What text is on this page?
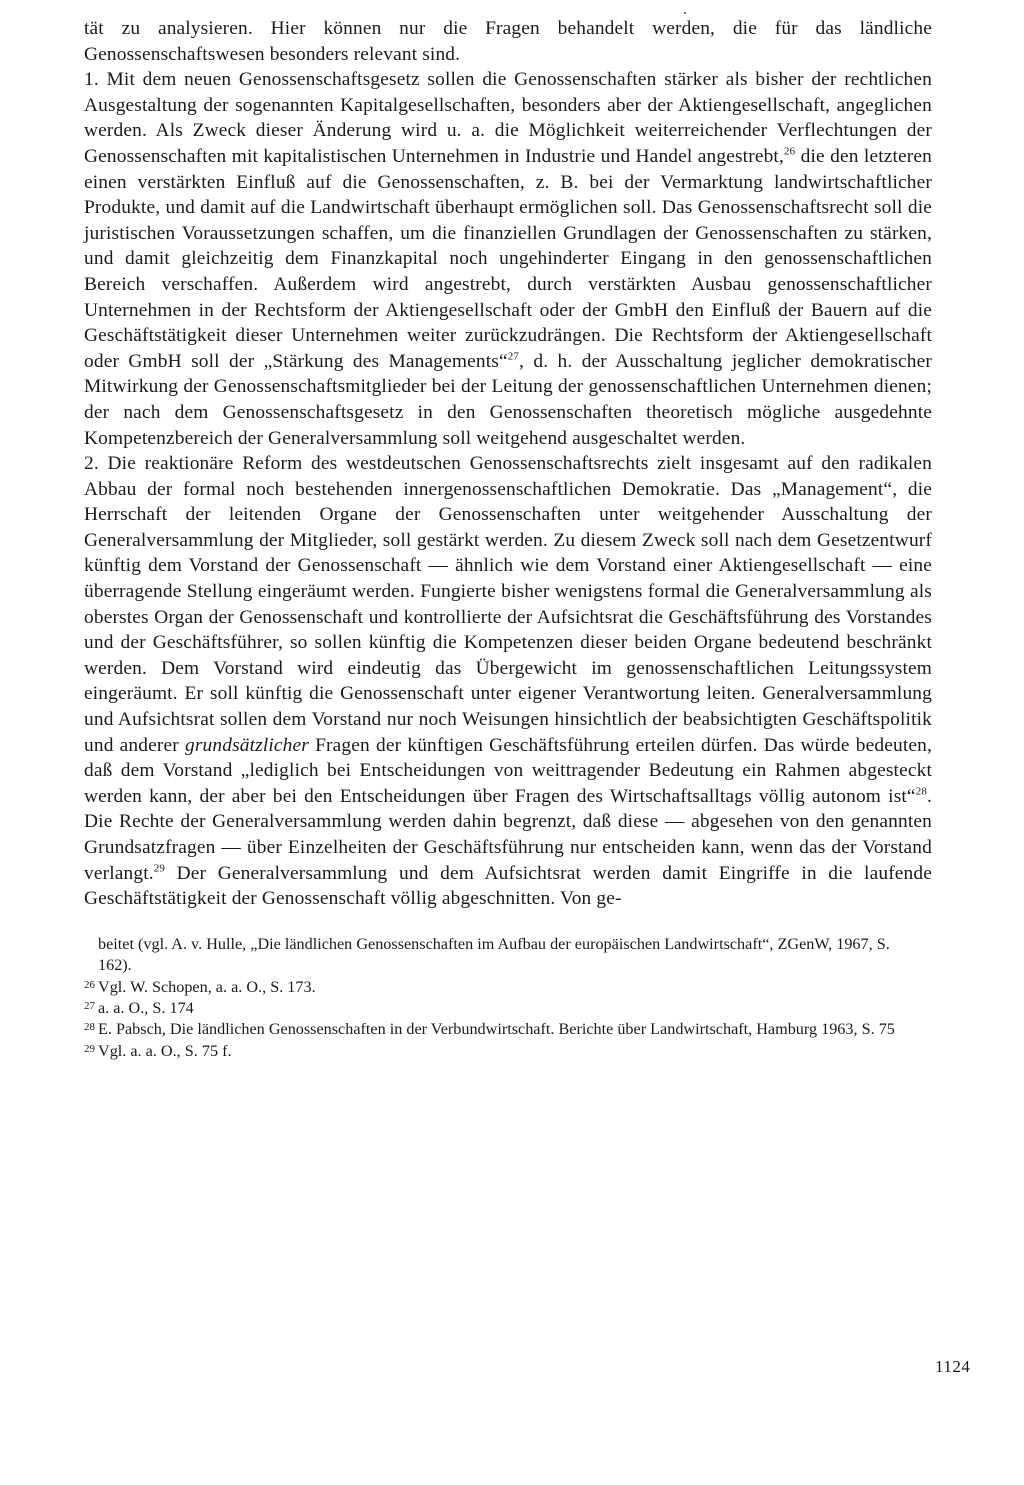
tät zu analysieren. Hier können nur die Fragen behandelt werden, die für das ländliche Genossenschaftswesen besonders relevant sind.

1. Mit dem neuen Genossenschaftsgesetz sollen die Genossenschaften stärker als bisher der rechtlichen Ausgestaltung der sogenannten Kapitalgesellschaften, besonders aber der Aktiengesellschaft, angeglichen werden. Als Zweck dieser Änderung wird u. a. die Möglichkeit weiterreichender Verflechtungen der Genossenschaften mit kapitalistischen Unternehmen in Industrie und Handel angestrebt,$^{26}$ die den letzteren einen verstärkten Einfluß auf die Genossenschaften, z. B. bei der Vermarktung landwirtschaftlicher Produkte, und damit auf die Landwirtschaft überhaupt ermöglichen soll. Das Genossenschaftsrecht soll die juristischen Voraussetzungen schaffen, um die finanziellen Grundlagen der Genossenschaften zu stärken, und damit gleichzeitig dem Finanzkapital noch ungehinderter Eingang in den genossenschaftlichen Bereich verschaffen. Außerdem wird angestrebt, durch verstärkten Ausbau genossenschaftlicher Unternehmen in der Rechtsform der Aktiengesellschaft oder der GmbH den Einfluß der Bauern auf die Geschäftstätigkeit dieser Unternehmen weiter zurückzudrängen. Die Rechtsform der Aktiengesellschaft oder GmbH soll der „Stärkung des Managements“$^{27}$, d. h. der Ausschaltung jeglicher demokratischer Mitwirkung der Genossenschaftsmitglieder bei der Leitung der genossenschaftlichen Unternehmen dienen; der nach dem Genossenschaftsgesetz in den Genossenschaften theoretisch mögliche ausgedehnte Kompetenzbereich der Generalversammlung soll weitgehend ausgeschaltet werden.

2. Die reaktionäre Reform des westdeutschen Genossenschaftsrechts zielt insgesamt auf den radikalen Abbau der formal noch bestehenden innergenossenschaftlichen Demokratie. Das „Management“, die Herrschaft der leitenden Organe der Genossenschaften unter weitgehender Ausschaltung der Generalversammlung der Mitglieder, soll gestärkt werden. Zu diesem Zweck soll nach dem Gesetzentwurf künftig dem Vorstand der Genossenschaft — ähnlich wie dem Vorstand einer Aktiengesellschaft — eine überragende Stellung eingeräumt werden. Fungierte bisher wenigstens formal die Generalversammlung als oberstes Organ der Genossenschaft und kontrollierte der Aufsichtsrat die Geschäftsführung des Vorstandes und der Geschäftsführer, so sollen künftig die Kompetenzen dieser beiden Organe bedeutend beschränkt werden. Dem Vorstand wird eindeutig das Übergewicht im genossenschaftlichen Leitungssystem eingeräumt. Er soll künftig die Genossenschaft unter eigener Verantwortung leiten. Generalversammlung und Aufsichtsrat sollen dem Vorstand nur noch Weisungen hinsichtlich der beabsichtigten Geschäftspolitik und anderer grundsätzlicher Fragen der künftigen Geschäftsführung erteilen dürfen. Das würde bedeuten, daß dem Vorstand „lediglich bei Entscheidungen von weittragender Bedeutung ein Rahmen abgesteckt werden kann, der aber bei den Entscheidungen über Fragen des Wirtschaftsalltags völlig autonom ist“$^{28}$. Die Rechte der Generalversammlung werden dahin begrenzt, daß diese — abgesehen von den genannten Grundsatzfragen — über Einzelheiten der Geschäftsführung nur entscheiden kann, wenn das der Vorstand verlangt.$^{29}$ Der Generalversammlung und dem Aufsichtsrat werden damit Eingriffe in die laufende Geschäftstätigkeit der Genossenschaft völlig abgeschnitten. Von ge-

beitet (vgl. A. v. Hulle, „Die ländlichen Genossenschaften im Aufbau der europäischen Landwirtschaft“, ZGenW, 1967, S. 162).
26 Vgl. W. Schopen, a. a. O., S. 173.
27 a. a. O., S. 174
28 E. Pabsch, Die ländlichen Genossenschaften in der Verbundwirtschaft. Berichte über Landwirtschaft, Hamburg 1963, S. 75
29 Vgl. a. a. O., S. 75 f.
1124
